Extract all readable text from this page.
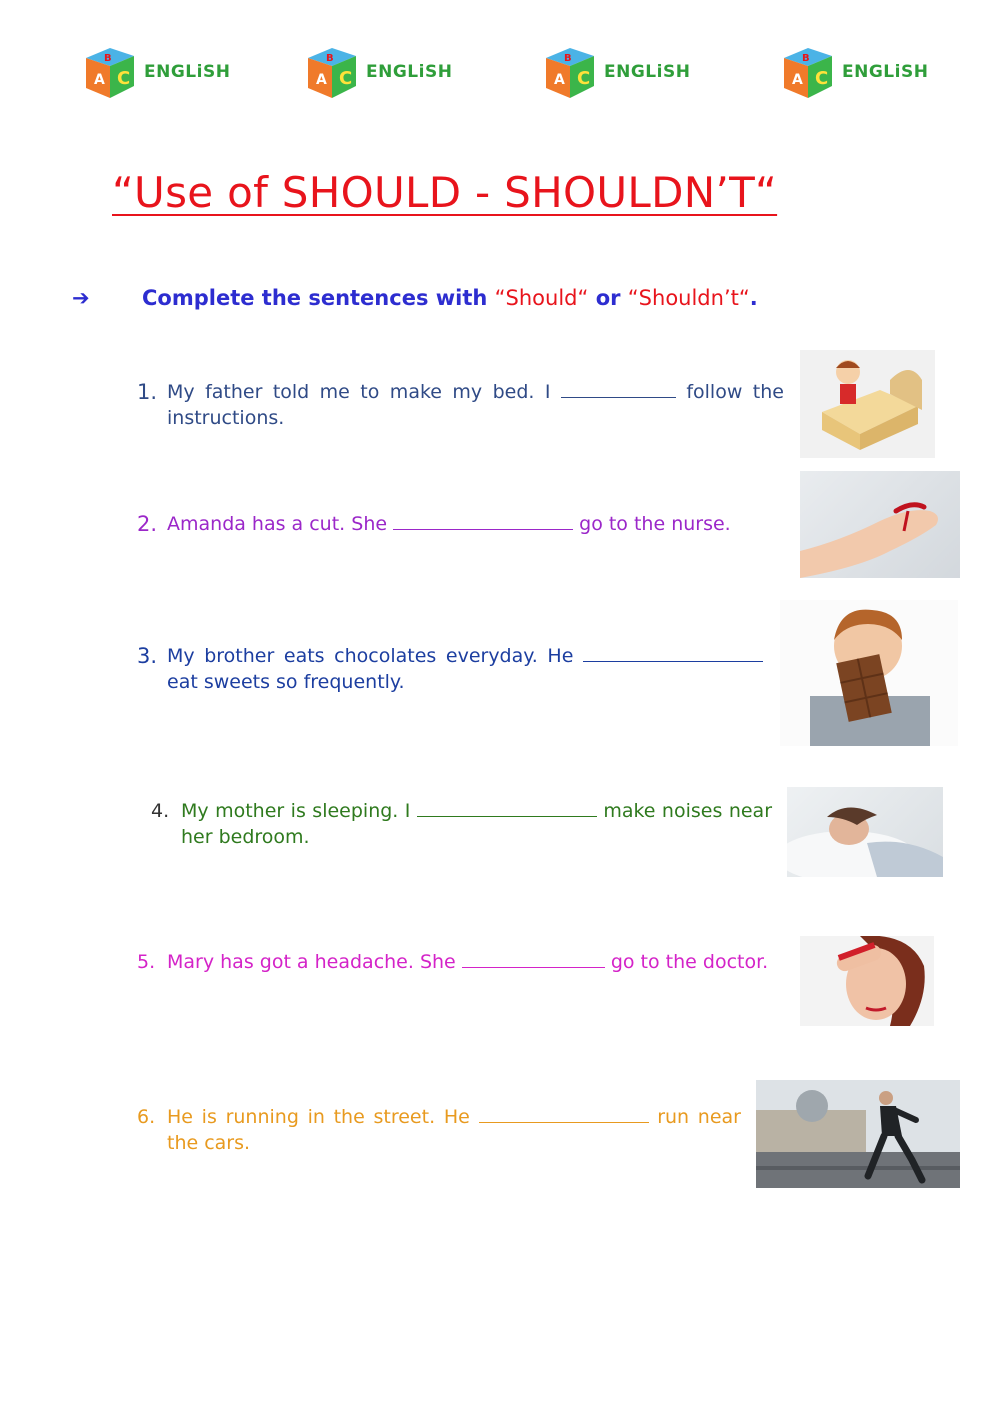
B
A C ENGLiSH
B
A C ENGLiSH
B
A C ENGLiSH
B
A C ENGLiSH
“Use of SHOULD - SHOULDN’T“
➔ Complete the sentences with “Should“ or “Shouldn’t“.
1. My father told me to make my bed. I	follow the instructions.
2. Amanda has a cut. She	go to the nurse.
3. My brother eats chocolates everyday. He  eat sweets so frequently.
4. My mother is sleeping. I	make noises near her bedroom.
5. Mary has got a headache. She	go to the doctor.
6. He is running in the street. He	run near the cars.
